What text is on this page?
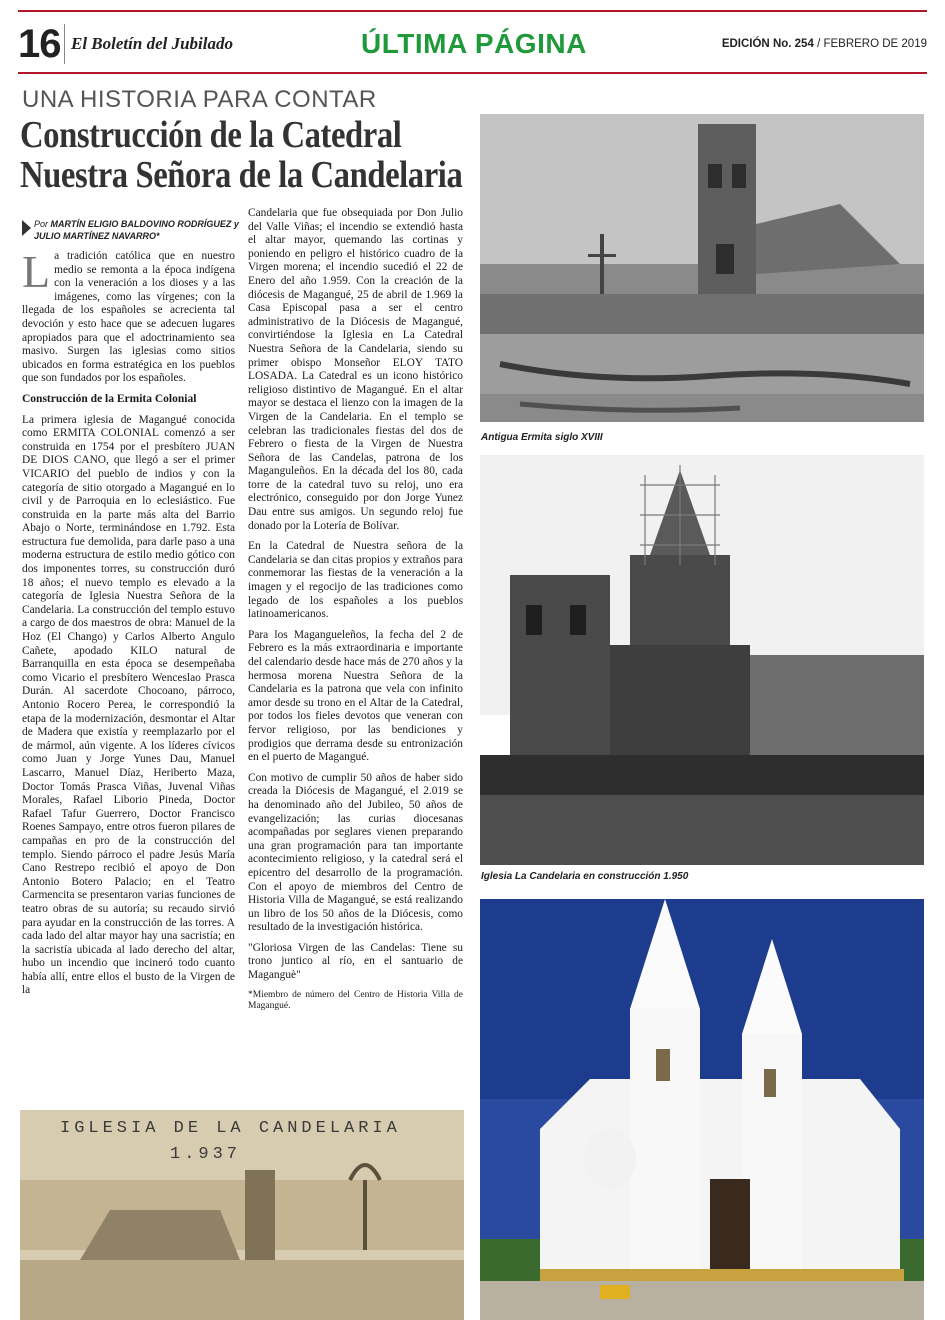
16 El Boletín del Jubilado	ÚLTIMA PÁGINA	EDICIÓN No. 254 / FEBRERO DE 2019
UNA HISTORIA PARA CONTAR
Construcción de la Catedral
Nuestra Señora de la Candelaria
Por MARTÍN ELIGIO BALDOVINO RODRÍGUEZ y JULIO MARTÍNEZ NAVARRO*

La tradición católica que en nuestro medio se remonta a la época indígena con la veneración a los dioses y a las imágenes, como las vírgenes; con la llegada de los españoles se acrecienta tal devoción y esto hace que se adecuen lugares apropiados para que el adoctrinamiento sea masivo. Surgen las iglesias como sitios ubicados en forma estratégica en los pueblos que son fundados por los españoles.

Construcción de la Ermita Colonial

La primera iglesia de Magangué conocida como ERMITA COLONIAL comenzó a ser construida en 1754 por el presbítero JUAN DE DIOS CANO, que llegó a ser el primer VICARIO del pueblo de indios y con la categoría de sitio otorgado a Magangué en lo civil y de Parroquia en lo eclesiástico. Fue construida en la parte más alta del Barrio Abajo o Norte, terminándose en 1.792. Esta estructura fue demolida, para darle paso a una moderna estructura de estilo medio gótico con dos imponentes torres, su construcción duró 18 años; el nuevo templo es elevado a la categoría de Iglesia Nuestra Señora de la Candelaria. La construcción del templo estuvo a cargo de dos maestros de obra: Manuel de la Hoz (El Chango) y Carlos Alberto Angulo Cañete, apodado KILO natural de Barranquilla en esta época se desempeñaba como Vicario el presbítero Wenceslao Prasca Durán. Al sacerdote Chocoano, párroco, Antonio Rocero Perea, le correspondió la etapa de la modernización, desmontar el Altar de Madera que existía y reemplazarlo por el de mármol, aún vigente. A los líderes cívicos como Juan y Jorge Yunes Dau, Manuel Lascarro, Manuel Díaz, Heriberto Maza, Doctor Tomás Prasca Viñas, Juvenal Viñas Morales, Rafael Liborio Pineda, Doctor Rafael Tafur Guerrero, Doctor Francisco Roenes Sampayo, entre otros fueron pilares de campañas en pro de la construcción del templo. Siendo párroco el padre Jesús María Cano Restrepo recibió el apoyo de Don Antonio Botero Palacio; en el Teatro Carmencita se presentaron varias funciones de teatro obras de su autoría; su recaudo sirvió para ayudar en la construcción de las torres. A cada lado del altar mayor hay una sacristía; en la sacristía ubicada al lado derecho del altar, hubo un incendio que incineró todo cuanto había allí, entre ellos el busto de la Virgen de la

Candelaria que fue obsequiada por Don Julio del Valle Viñas; el incendio se extendió hasta el altar mayor, quemando las cortinas y poniendo en peligro el histórico cuadro de la Virgen morena; el incendio sucedió el 22 de Enero del año 1.959. Con la creación de la diócesis de Magangué, 25 de abril de 1.969 la Casa Episcopal pasa a ser el centro administrativo de la Diócesis de Magangué, convirtiéndose la Iglesia en La Catedral Nuestra Señora de la Candelaria, siendo su primer obispo Monseñor ELOY TATO LOSADA. La Catedral es un icono histórico religioso distintivo de Magangué. En el altar mayor se destaca el lienzo con la imagen de la Virgen de la Candelaria. En el templo se celebran las tradicionales fiestas del dos de Febrero o fiesta de la Virgen de Nuestra Señora de las Candelas, patrona de los Maganguleños. En la década del los 80, cada torre de la catedral tuvo su reloj, uno era electrónico, conseguido por don Jorge Yunez Dau entre sus amigos. Un segundo reloj fue donado por la Lotería de Bolívar.

En la Catedral de Nuestra señora de la Candelaria se dan citas propios y extraños para conmemorar las fiestas de la veneración a la imagen y el regocijo de las tradiciones como legado de los españoles a los pueblos latinoamericanos.

Para los Magangueleños, la fecha del 2 de Febrero es la más extraordinaria e importante del calendario desde hace más de 270 años y la hermosa morena Nuestra Señora de la Candelaria es la patrona que vela con infinito amor desde su trono en el Altar de la Catedral, por todos los fieles devotos que veneran con fervor religioso, por las bendiciones y prodigios que derrama desde su entronización en el puerto de Magangué.

Con motivo de cumplir 50 años de haber sido creada la Diócesis de Magangué, el 2.019 se ha denominado año del Jubileo, 50 años de evangelización; las curias diocesanas acompañadas por seglares vienen preparando una gran programación para tan importante acontecimiento religioso, y la catedral será el epicentro del desarrollo de la programación. Con el apoyo de miembros del Centro de Historia Villa de Magangué, se está realizando un libro de los 50 años de la Diócesis, como resultado de la investigación histórica.

"Gloriosa Virgen de las Candelas: Tiene su trono juntico al río, en el santuario de Maganguè"

*Miembro de número del Centro de Historia Villa de Magangué.

Antigua Ermita siglo XVIII
Iglesia La Candelaria en construcción 1.950
IGLESIA DE LA CANDELARIA
1.937
